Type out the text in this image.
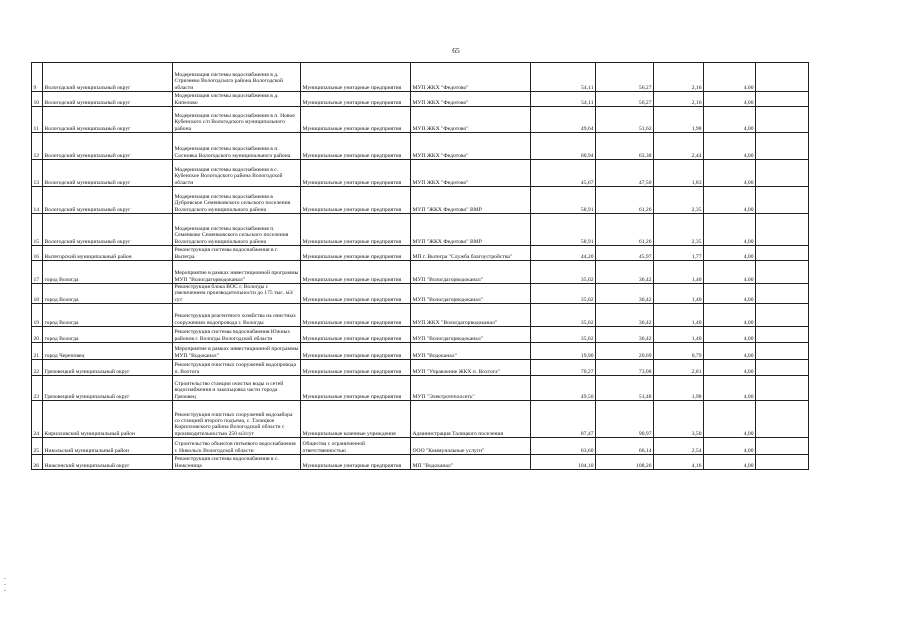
65
9	Вологодский муниципальный округ	Модернизация системы водоснабжения в д. Стризнево Вологодского района Вологодской области	Муниципальные унитарные предприятия	МУП ЖКХ "Федотово"	54,11	56,27	2,16	4,00	
10	Вологодский муниципальный округ	Модернизация системы водоснабжения в д. Кипелово	Муниципальные унитарные предприятия	МУП ЖКХ "Федотово"	54,11	56,27	2,16	4,00	
11	Вологодский муниципальный округ	Модернизация системы водоснабжения в п. Новое Кубенского с/п Вологодского муниципального района	Муниципальные унитарные предприятия	МУП ЖКХ "Федотово"	49,64	51,62	1,98	4,00	
12	Вологодский муниципальный округ	Модернизация системы водоснабжения в п. Сосновка Вологодского муниципального района	Муниципальные унитарные предприятия	МУП ЖКХ "Федотово"	60,94	63,38	2,44	4,00	
13	Вологодский муниципальный округ	Модернизация системы водоснабжения в с. Кубенское Вологодского района Вологодской области	Муниципальные унитарные предприятия	МУП ЖКХ "Федотово"	45,67	47,50	1,83	4,00	
14	Вологодский муниципальный округ	Модернизация системы водоснабжения в Дубровское Семенковского сельского поселения Вологодского муниципального района	Муниципальные унитарные предприятия	МУП "ЖКХ Федотово" ВМР	58,91	61,26	2,35	4,00	
15	Вологодский муниципальный округ	Модернизация системы водоснабжения п. Семенково Семенковского сельского поселения Вологодского муниципального района	Муниципальные унитарные предприятия	МУП "ЖКХ Федотово" ВМР	58,91	61,26	2,35	4,00	
16	Вытегорский муниципальный район	Реконструкция системы водоснабжения в г. Вытегра	Муниципальные унитарные предприятия	МП г. Вытегра "Служба благоустройства"	44,20	45,97	1,77	4,00	
17	город Вологда	Мероприятие в рамках инвестиционной программы МУП "Вологдагорводоканал"	Муниципальные унитарные предприятия	МУП "Вологдагорводоканал"	35,02	36,42	1,40	4,00	
18	город Вологда	Реконструкция блока ВОС г. Вологды с увеличением производительности до 175 тыс. м3/сут	Муниципальные унитарные предприятия	МУП "Вологдагорводоканал"	35,02	36,42	1,40	4,00	
19	город Вологда	Реконструкция реагентного хозяйства на очистных сооружениях водопровода г. Вологды	Муниципальные унитарные предприятия	МУП ЖКХ "Вологдагорводоканал"	35,02	36,42	1,40	4,00	
20	город Вологда	Реконструкция системы водоснабжения Южных районов г. Вологды Вологодской области	Муниципальные унитарные предприятия	МУП "Вологдагорводоканал"	35,02	36,42	1,40	4,00	
21	город Череповец	Мероприятие в рамках инвестиционной программы МУП "Водоканал"	Муниципальные унитарные предприятия	МУП "Водоканал"	19,90	20,69	0,79	4,00	
22	Грязовецкий муниципальный округ	Реконструкция очистных сооружений водопровода п. Вохтога	Муниципальные унитарные предприятия	МУП "Управление ЖКХ п. Вохтога"	70,27	73,08	2,81	4,00	
23	Грязовецкий муниципальный округ	Строительство станции очистки воды и сетей водоснабжения и закольцовка части города Грязовец	Муниципальные унитарные предприятия	МУП "Электротеплосеть"	49,50	51,48	1,98	4,00	
24	Кирилловский муниципальный район	Реконструкция очистных сооружений водозабора со станцией второго подъема, с. Талицкое Кирилловского района Вологодской области с производительностью 250 м3/сут	Муниципальные казенные учреждения	Администрация Талицкого поселения	87,47	90,97	3,50	4,00	
25	Никольский муниципальный район	Строительство объектов питьевого водоснабжения г. Никольск Вологодской области	Общества с ограниченной ответственностью	ООО "Коммунальные услуги"	63,60	66,14	2,54	4,00	
26	Нюксенский муниципальный округ	Реконструкция системы водоснабжения в с. Нюксеница	Муниципальные унитарные предприятия	МП "Водоканал"	104,10	108,26	4,16	4,00	
-
-
-
